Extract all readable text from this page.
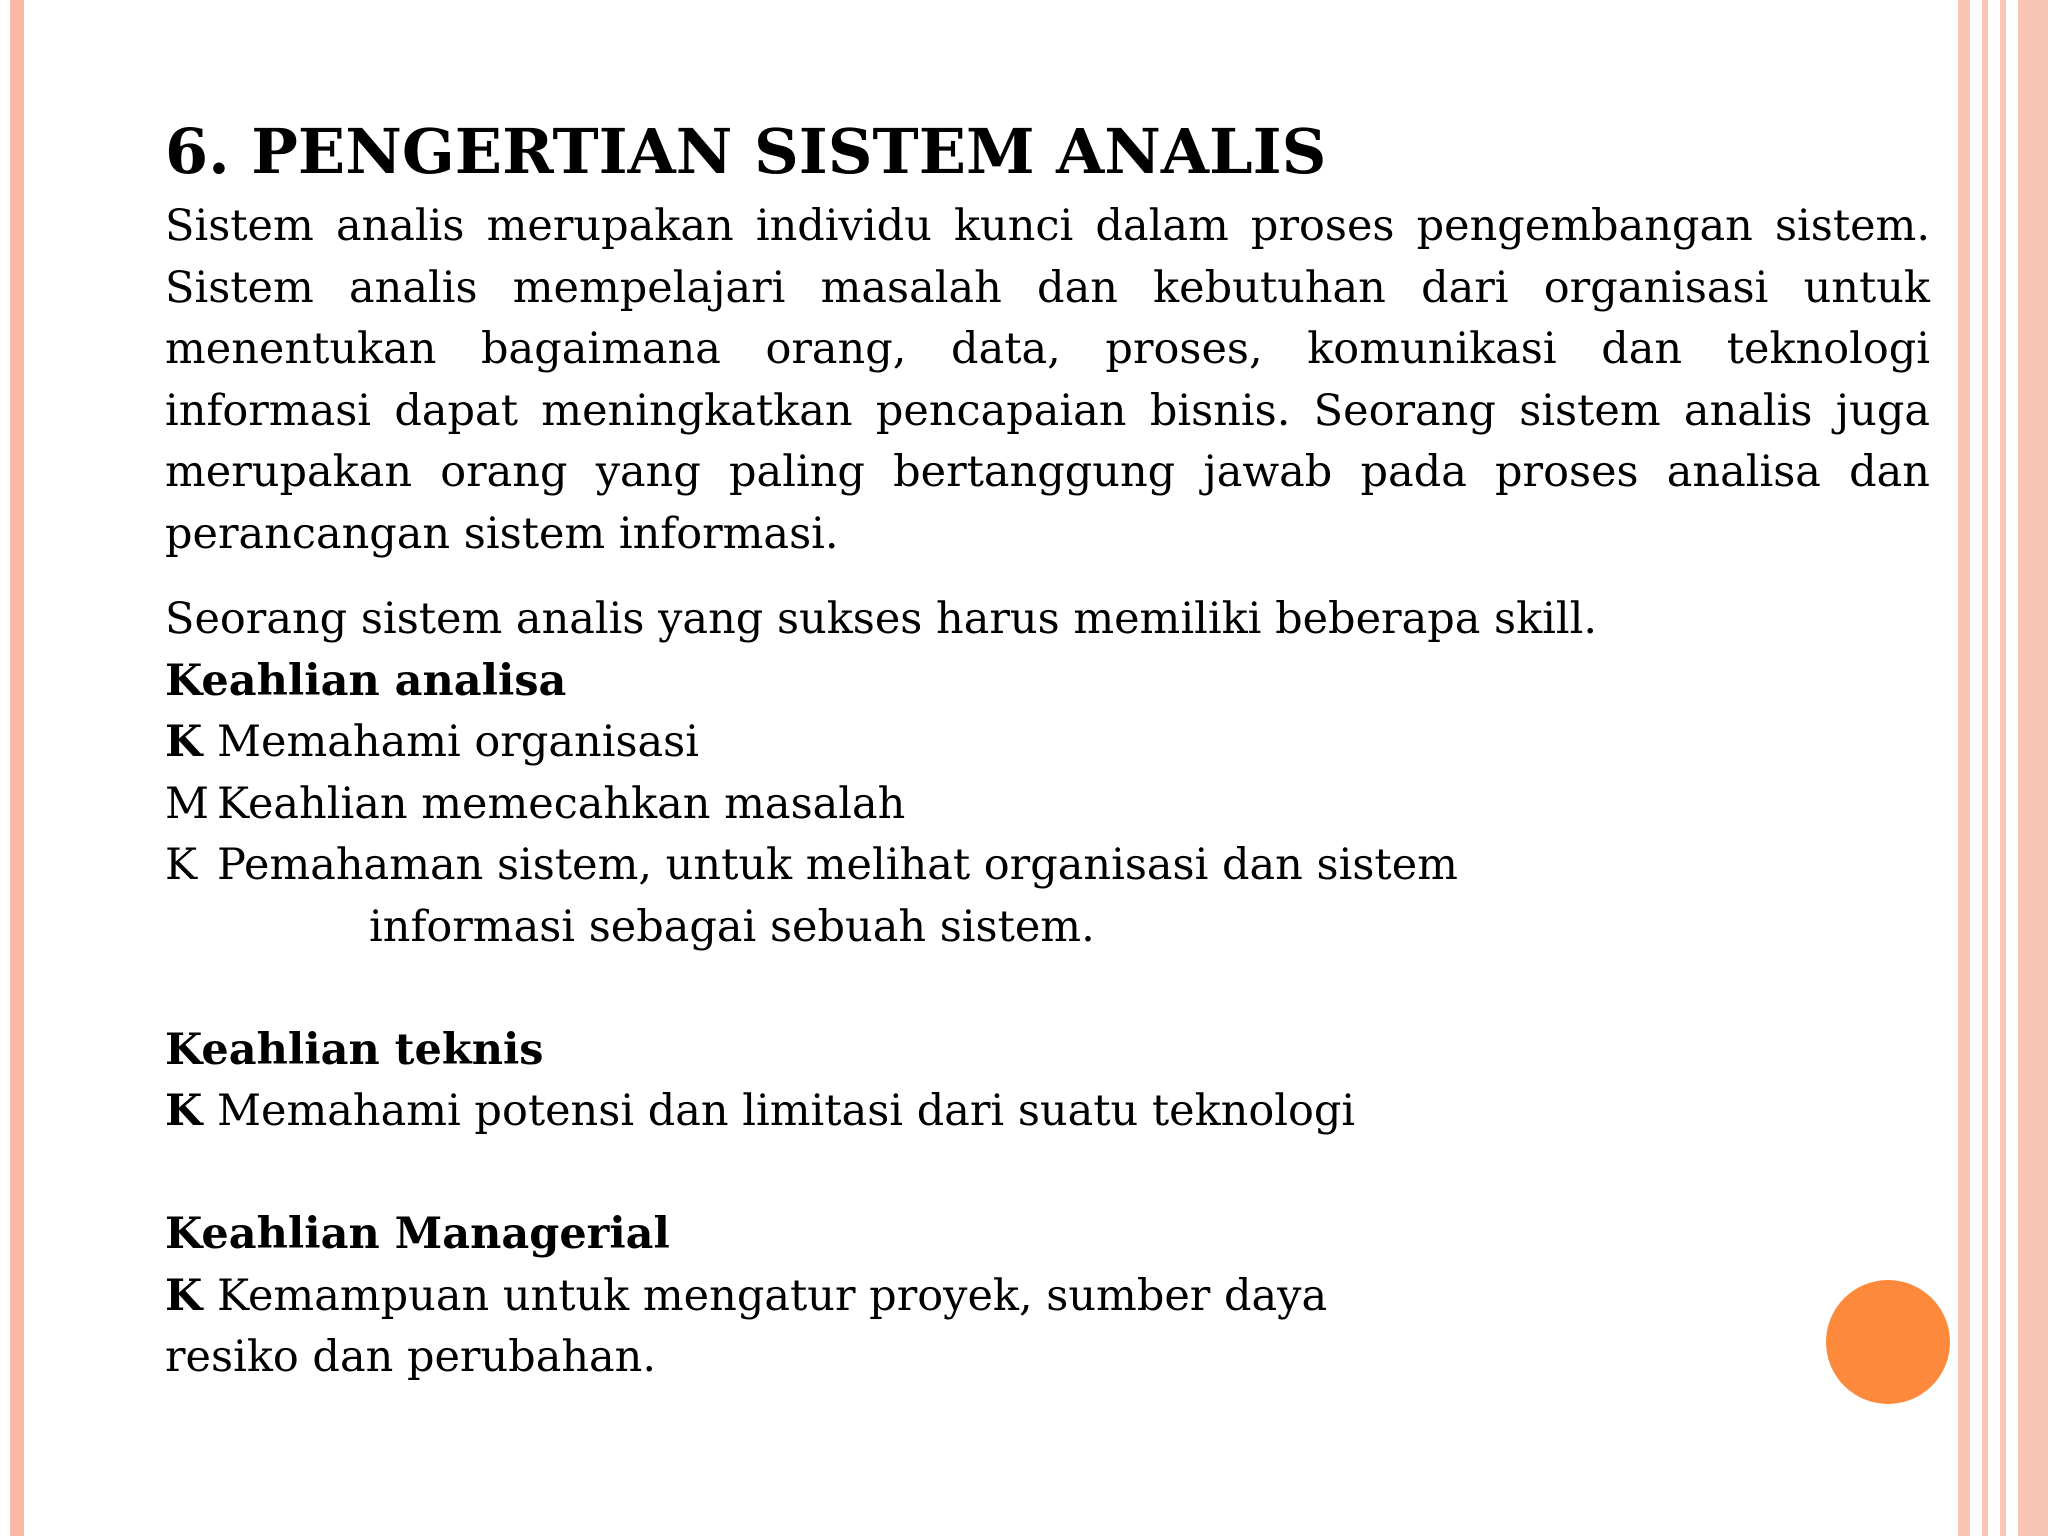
6. PENGERTIAN SISTEM ANALIS

Sistem analis merupakan individu kunci dalam proses pengembangan sistem. Sistem analis mempelajari masalah dan kebutuhan dari organisasi untuk menentukan bagaimana orang, data, proses, komunikasi dan teknologi informasi dapat meningkatkan pencapaian bisnis. Seorang sistem analis juga merupakan orang yang paling bertanggung jawab pada proses analisa dan perancangan sistem informasi.

Seorang sistem analis yang sukses harus memiliki beberapa skill.
Keahlian analisa
K Memahami organisasi
M Keahlian memecahkan masalah
K Pemahaman sistem, untuk melihat organisasi dan sistem
informasi sebagai sebuah sistem.
Keahlian teknis
K Memahami potensi dan limitasi dari suatu teknologi
Keahlian Managerial
K Kemampuan untuk mengatur proyek, sumber daya
resiko dan perubahan.
